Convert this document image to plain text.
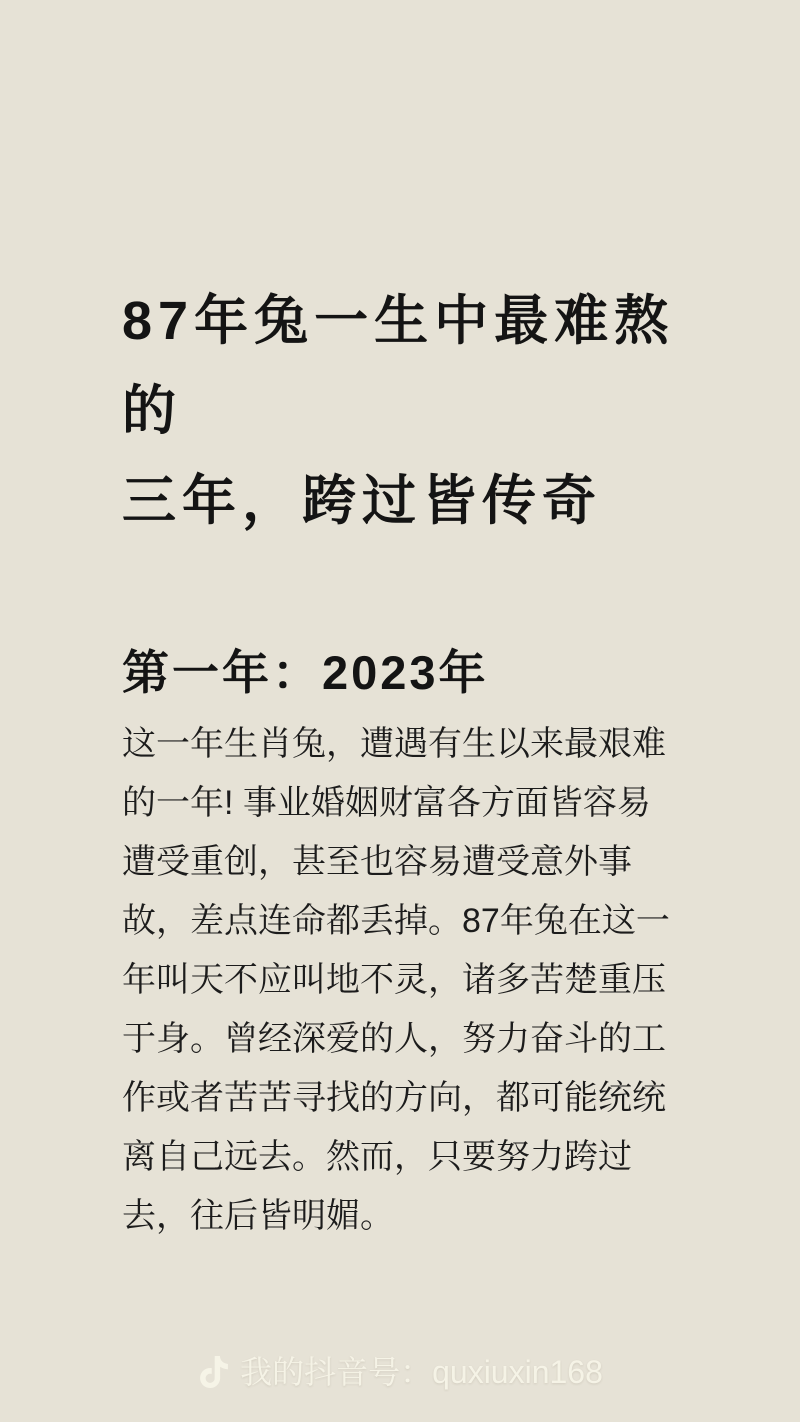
87年兔一生中最难熬的
三年，跨过皆传奇
第一年：2023年

这一年生肖兔，遭遇有生以来最艰难
的一年! 事业婚姻财富各方面皆容易
遭受重创，甚至也容易遭受意外事
故，差点连命都丢掉。87年兔在这一
年叫天不应叫地不灵，诸多苦楚重压
于身。曾经深爱的人，努力奋斗的工
作或者苦苦寻找的方向，都可能统统
离自己远去。然而，只要努力跨过
去，往后皆明媚。

我的抖音号：quxiuxin168
